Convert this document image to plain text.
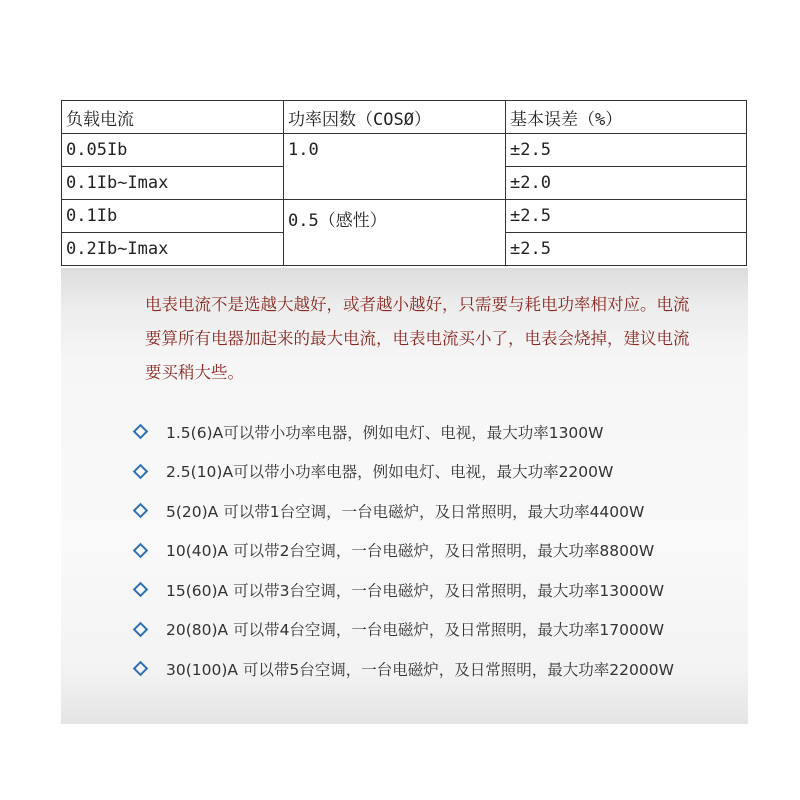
负载电流	功率因数（COSØ）	基本误差（%）
0.05Ib	1.0	±2.5
0.1Ib~Imax		±2.0
0.1Ib	0.5（感性）	±2.5
0.2Ib~Imax		±2.5

电表电流不是选越大越好，或者越小越好，只需要与耗电功率相对应。电流要算所有电器加起来的最大电流，电表电流买小了，电表会烧掉，建议电流要买稍大些。

1.5(6)A可以带小功率电器，例如电灯、电视，最大功率1300W
2.5(10)A可以带小功率电器，例如电灯、电视，最大功率2200W
5(20)A 可以带1台空调，一台电磁炉，及日常照明，最大功率4400W
10(40)A 可以带2台空调，一台电磁炉，及日常照明，最大功率8800W
15(60)A 可以带3台空调，一台电磁炉，及日常照明，最大功率13000W
20(80)A 可以带4台空调，一台电磁炉，及日常照明，最大功率17000W
30(100)A 可以带5台空调，一台电磁炉，及日常照明，最大功率22000W
